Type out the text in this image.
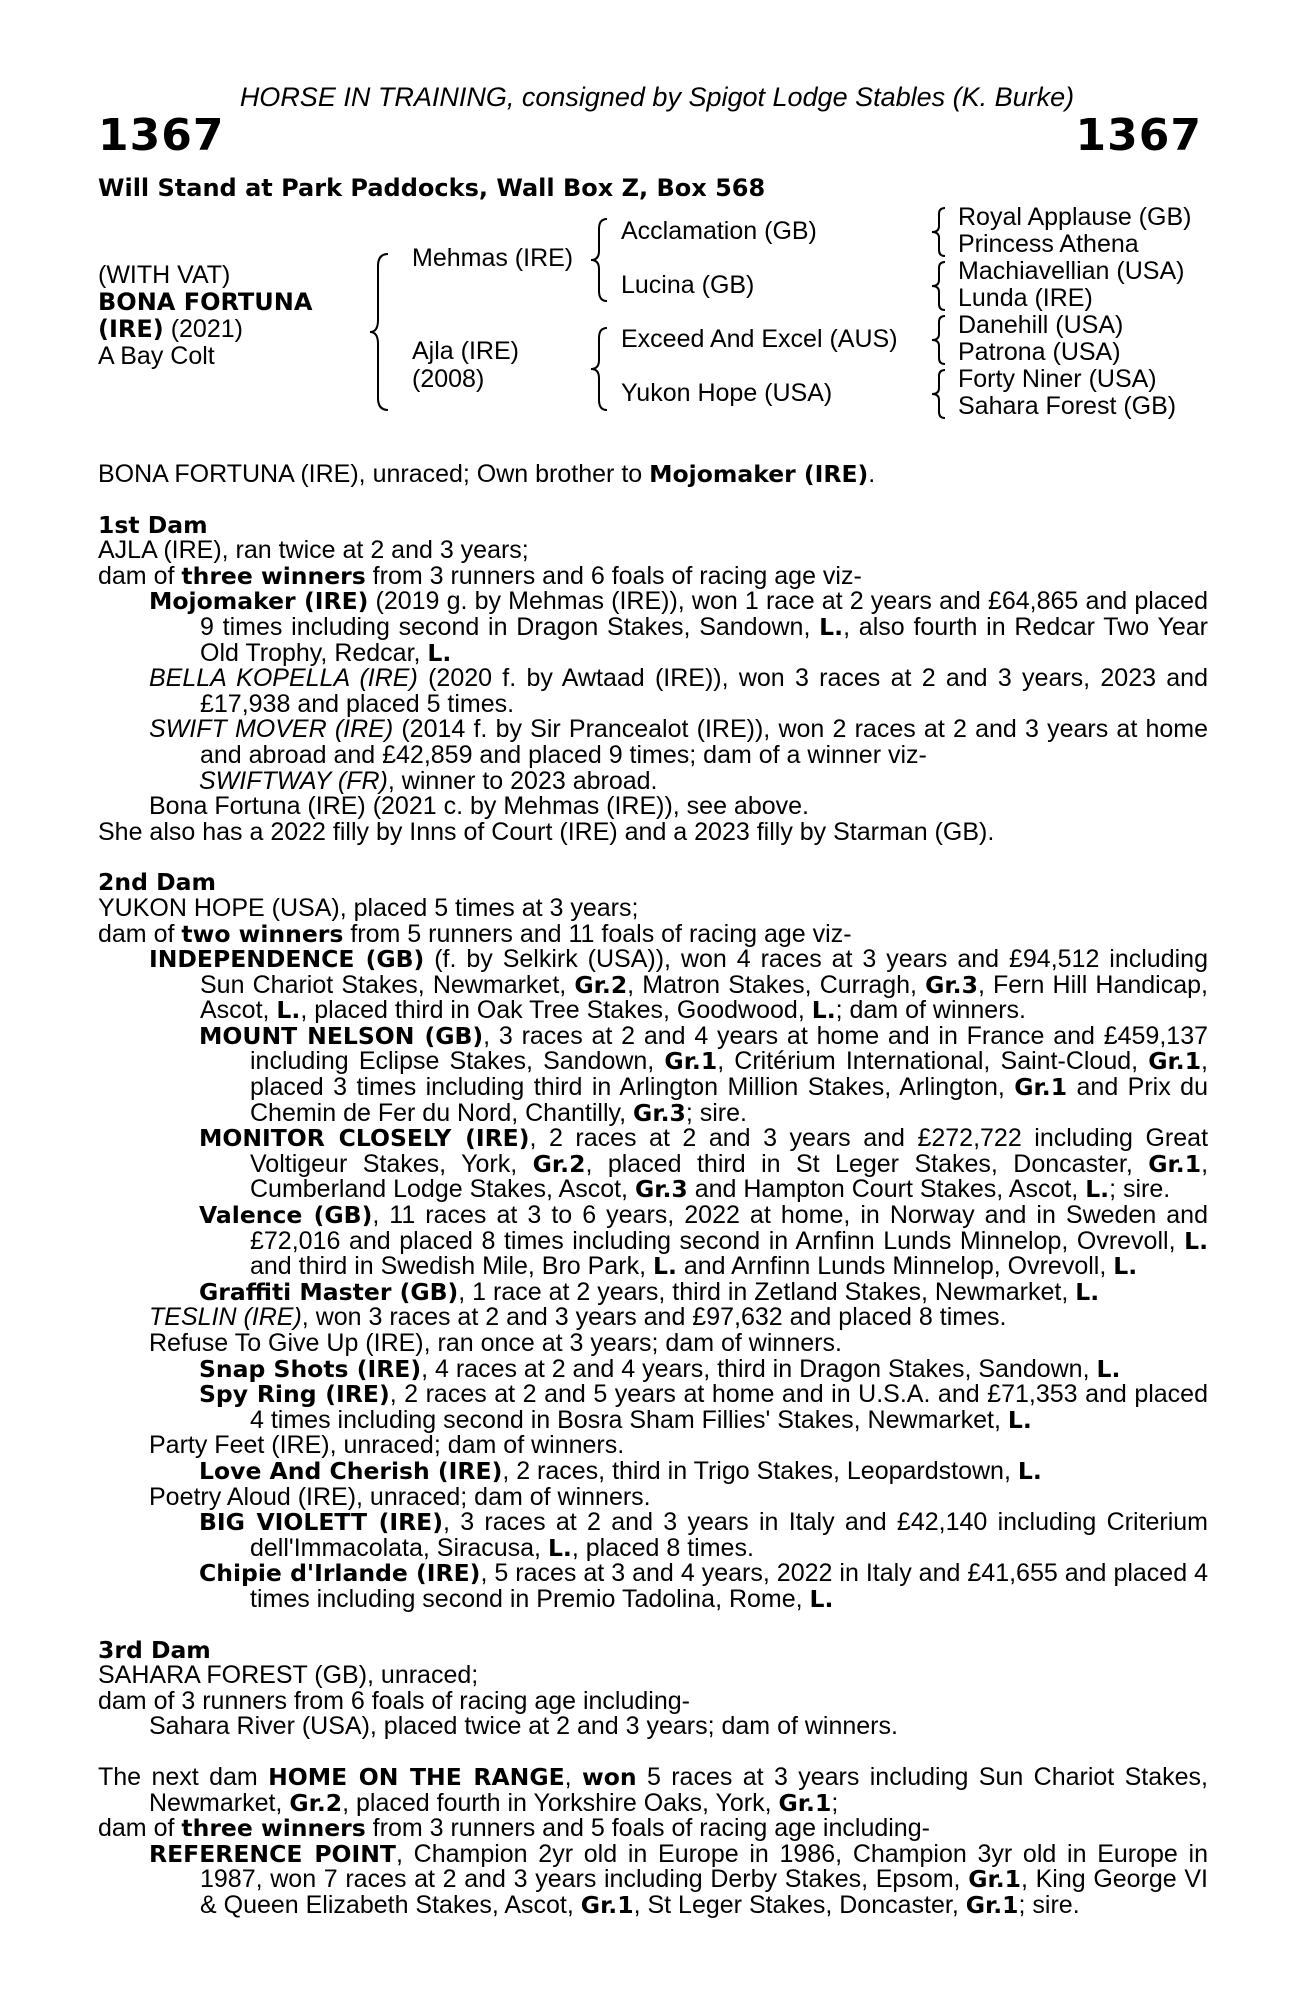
HORSE IN TRAINING, consigned by Spigot Lodge Stables (K. Burke)
1367	1367
Will Stand at Park Paddocks, Wall Box Z, Box 568
(WITH VAT)
BONA FORTUNA
(IRE) (2021)
A Bay Colt
Mehmas (IRE)
Ajla (IRE)
(2008)
Acclamation (GB)
Lucina (GB)
Exceed And Excel (AUS)
Yukon Hope (USA)
Royal Applause (GB)
Princess Athena
Machiavellian (USA)
Lunda (IRE)
Danehill (USA)
Patrona (USA)
Forty Niner (USA)
Sahara Forest (GB)

BONA FORTUNA (IRE), unraced; Own brother to Mojomaker (IRE).

1st Dam

AJLA (IRE), ran twice at 2 and 3 years;

dam of three winners from 3 runners and 6 foals of racing age viz-

Mojomaker (IRE) (2019 g. by Mehmas (IRE)), won 1 race at 2 years and £64,865 and placed 9 times including second in Dragon Stakes, Sandown, L., also fourth in Redcar Two Year Old Trophy, Redcar, L.

BELLA KOPELLA (IRE) (2020 f. by Awtaad (IRE)), won 3 races at 2 and 3 years, 2023 and £17,938 and placed 5 times.

SWIFT MOVER (IRE) (2014 f. by Sir Prancealot (IRE)), won 2 races at 2 and 3 years at home and abroad and £42,859 and placed 9 times; dam of a winner viz-

SWIFTWAY (FR), winner to 2023 abroad.

Bona Fortuna (IRE) (2021 c. by Mehmas (IRE)), see above.

She also has a 2022 filly by Inns of Court (IRE) and a 2023 filly by Starman (GB).

2nd Dam

YUKON HOPE (USA), placed 5 times at 3 years;

dam of two winners from 5 runners and 11 foals of racing age viz-

INDEPENDENCE (GB) (f. by Selkirk (USA)), won 4 races at 3 years and £94,512 including Sun Chariot Stakes, Newmarket, Gr.2, Matron Stakes, Curragh, Gr.3, Fern Hill Handicap, Ascot, L., placed third in Oak Tree Stakes, Goodwood, L.; dam of winners.

MOUNT NELSON (GB), 3 races at 2 and 4 years at home and in France and £459,137 including Eclipse Stakes, Sandown, Gr.1, Critérium International, Saint-Cloud, Gr.1, placed 3 times including third in Arlington Million Stakes, Arlington, Gr.1 and Prix du Chemin de Fer du Nord, Chantilly, Gr.3; sire.

MONITOR CLOSELY (IRE), 2 races at 2 and 3 years and £272,722 including Great Voltigeur Stakes, York, Gr.2, placed third in St Leger Stakes, Doncaster, Gr.1, Cumberland Lodge Stakes, Ascot, Gr.3 and Hampton Court Stakes, Ascot, L.; sire.

Valence (GB), 11 races at 3 to 6 years, 2022 at home, in Norway and in Sweden and £72,016 and placed 8 times including second in Arnfinn Lunds Minnelop, Ovrevoll, L. and third in Swedish Mile, Bro Park, L. and Arnfinn Lunds Minnelop, Ovrevoll, L.

Graffiti Master (GB), 1 race at 2 years, third in Zetland Stakes, Newmarket, L.

TESLIN (IRE), won 3 races at 2 and 3 years and £97,632 and placed 8 times.

Refuse To Give Up (IRE), ran once at 3 years; dam of winners.

Snap Shots (IRE), 4 races at 2 and 4 years, third in Dragon Stakes, Sandown, L.

Spy Ring (IRE), 2 races at 2 and 5 years at home and in U.S.A. and £71,353 and placed 4 times including second in Bosra Sham Fillies' Stakes, Newmarket, L.

Party Feet (IRE), unraced; dam of winners.

Love And Cherish (IRE), 2 races, third in Trigo Stakes, Leopardstown, L.

Poetry Aloud (IRE), unraced; dam of winners.

BIG VIOLETT (IRE), 3 races at 2 and 3 years in Italy and £42,140 including Criterium dell'Immacolata, Siracusa, L., placed 8 times.

Chipie d'Irlande (IRE), 5 races at 3 and 4 years, 2022 in Italy and £41,655 and placed 4 times including second in Premio Tadolina, Rome, L.

3rd Dam

SAHARA FOREST (GB), unraced;

dam of 3 runners from 6 foals of racing age including-

Sahara River (USA), placed twice at 2 and 3 years; dam of winners.

The next dam HOME ON THE RANGE, won 5 races at 3 years including Sun Chariot Stakes, Newmarket, Gr.2, placed fourth in Yorkshire Oaks, York, Gr.1;

dam of three winners from 3 runners and 5 foals of racing age including-

REFERENCE POINT, Champion 2yr old in Europe in 1986, Champion 3yr old in Europe in 1987, won 7 races at 2 and 3 years including Derby Stakes, Epsom, Gr.1, King George VI & Queen Elizabeth Stakes, Ascot, Gr.1, St Leger Stakes, Doncaster, Gr.1; sire.
